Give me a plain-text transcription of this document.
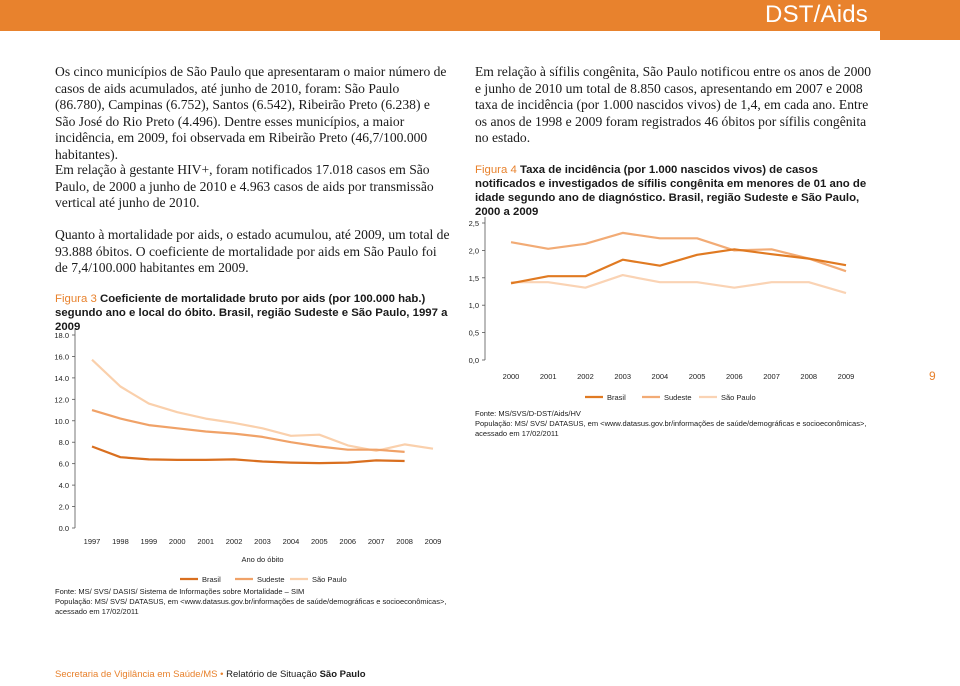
DST/Aids

Os cinco municípios de São Paulo que apresentaram o maior número de casos de aids acumulados, até junho de 2010, foram: São Paulo (86.780), Campinas (6.752), Santos (6.542), Ribeirão Preto (6.238) e São José do Rio Preto (4.496). Dentre esses municípios, a maior incidência, em 2009, foi observada em Ribeirão Preto (46,7/100.000 habitantes).

Em relação à gestante HIV+, foram notificados 17.018 casos em São Paulo, de 2000 a junho de 2010 e 4.963 casos de aids por transmissão vertical até junho de 2010.

Quanto à mortalidade por aids, o estado acumulou, até 2009, um total de 93.888 óbitos. O coeficiente de mortalidade por aids em São Paulo foi de 7,4/100.000 habitantes em 2009.

Figura 3 Coeficiente de mortalidade bruto por aids (por 100.000 hab.) segundo ano e local do óbito. Brasil, região Sudeste e São Paulo, 1997 a 2009

0.0
2.0
4.0
6.0
8.0
10.0
12.0
14.0
16.0
18.0
1997 1998 1999 2000 2001 2002 2003 2004 2005 2006 2007 2008 2009
Ano do óbito
Brasil	Sudeste	São Paulo

Fonte: MS/ SVS/ DASIS/ Sistema de Informações sobre Mortalidade – SIM
População: MS/ SVS/ DATASUS, em <www.datasus.gov.br/informações de saúde/demográficas e socioeconômicas>, acessado em 17/02/2011

Em relação à sífilis congênita, São Paulo notificou entre os anos de 2000 e junho de 2010 um total de 8.850 casos, apresentando em 2007 e 2008 taxa de incidência (por 1.000 nascidos vivos) de 1,4, em cada ano. Entre os anos de 1998 e 2009 foram registrados 46 óbitos por sífilis congênita no estado.

Figura 4 Taxa de incidência (por 1.000 nascidos vivos) de casos notificados e investigados de sífilis congênita em menores de 01 ano de idade segundo ano de diagnóstico. Brasil, região Sudeste e São Paulo, 2000 a 2009

0,0
0,5
1,0
1,5
2,0
2,5
2000	2001	2002	2003	2004	2005	2006	2007	2008	2009
Brasil	Sudeste	São Paulo

Fonte: MS/SVS/D-DST/Aids/HV
População: MS/ SVS/ DATASUS, em <www.datasus.gov.br/informações de saúde/demográficas e socioeconômicas>, acessado em 17/02/2011

9
Secretaria de Vigilância em Saúde/MS • Relatório de Situação São Paulo
